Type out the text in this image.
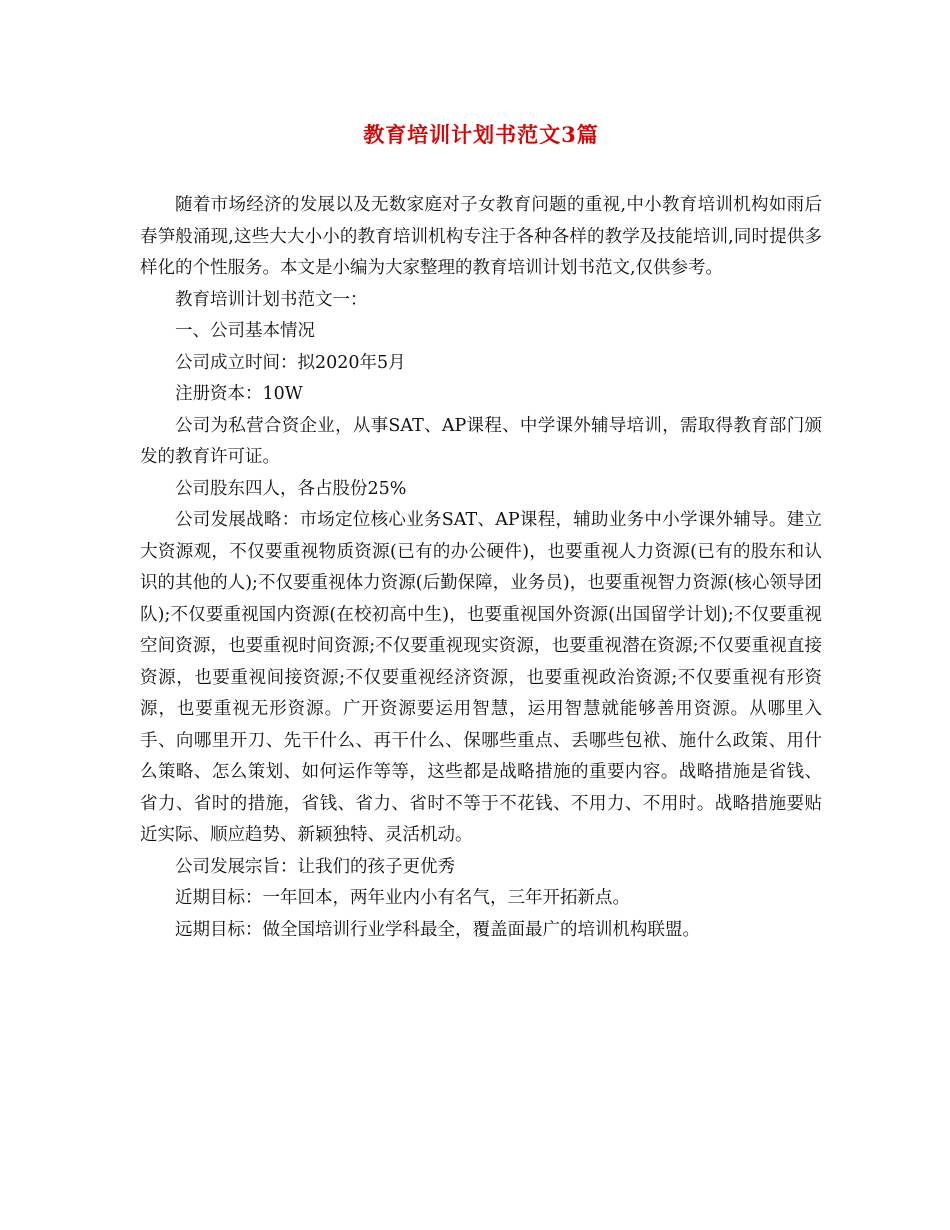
教育培训计划书范文3篇

随着市场经济的发展以及无数家庭对子女教育问题的重视,中小教育培训机构如雨后春笋般涌现,这些大大小小的教育培训机构专注于各种各样的教学及技能培训,同时提供多样化的个性服务。本文是小编为大家整理的教育培训计划书范文,仅供参考。

教育培训计划书范文一：

一、公司基本情况

公司成立时间：拟2020年5月

注册资本：10W

公司为私营合资企业，从事SAT、AP课程、中学课外辅导培训，需取得教育部门颁发的教育许可证。

公司股东四人，各占股份25%

公司发展战略：市场定位核心业务SAT、AP课程，辅助业务中小学课外辅导。建立大资源观，不仅要重视物质资源(已有的办公硬件)，也要重视人力资源(已有的股东和认识的其他的人);不仅要重视体力资源(后勤保障，业务员)，也要重视智力资源(核心领导团队);不仅要重视国内资源(在校初高中生)，也要重视国外资源(出国留学计划);不仅要重视空间资源，也要重视时间资源;不仅要重视现实资源，也要重视潜在资源;不仅要重视直接资源，也要重视间接资源;不仅要重视经济资源，也要重视政治资源;不仅要重视有形资源，也要重视无形资源。广开资源要运用智慧，运用智慧就能够善用资源。从哪里入手、向哪里开刀、先干什么、再干什么、保哪些重点、丢哪些包袱、施什么政策、用什么策略、怎么策划、如何运作等等，这些都是战略措施的重要内容。战略措施是省钱、省力、省时的措施，省钱、省力、省时不等于不花钱、不用力、不用时。战略措施要贴近实际、顺应趋势、新颖独特、灵活机动。

公司发展宗旨：让我们的孩子更优秀

近期目标：一年回本，两年业内小有名气，三年开拓新点。

远期目标：做全国培训行业学科最全，覆盖面最广的培训机构联盟。
